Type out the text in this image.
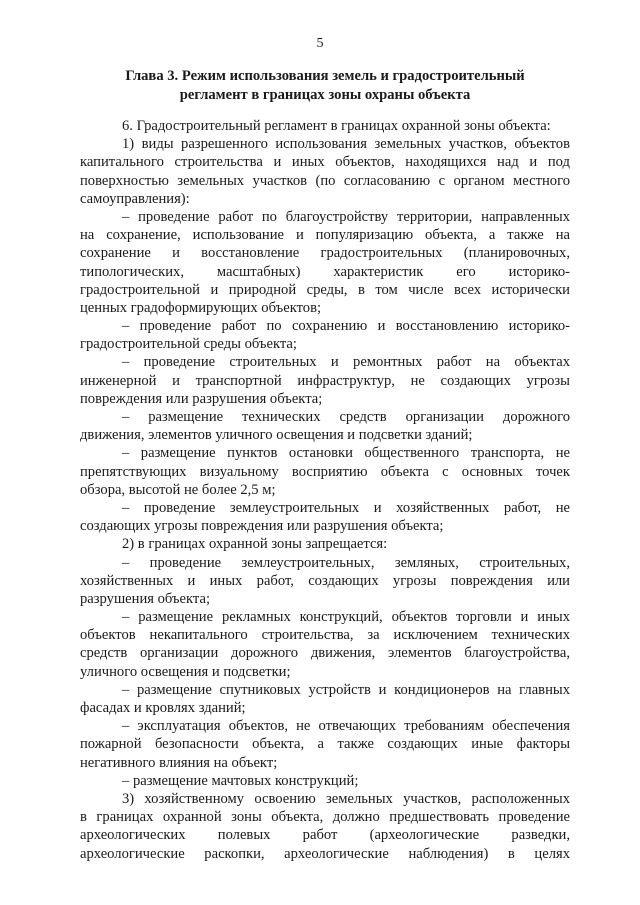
5
Глава 3. Режим использования земель и градостроительный
регламент в границах зоны охраны объекта
6. Градостроительный регламент в границах охранной зоны объекта:
1) виды разрешенного использования земельных участков, объектов
капитального строительства и иных объектов, находящихся над и под
поверхностью земельных участков (по согласованию с органом местного
самоуправления):
– проведение работ по благоустройству территории, направленных
на сохранение, использование и популяризацию объекта, а также на
сохранение и восстановление градостроительных (планировочных,
типологических, масштабных) характеристик его историко-
градостроительной и природной среды, в том числе всех исторически
ценных градоформирующих объектов;
– проведение работ по сохранению и восстановлению историко-
градостроительной среды объекта;
– проведение строительных и ремонтных работ на объектах
инженерной и транспортной инфраструктур, не создающих угрозы
повреждения или разрушения объекта;
– размещение технических средств организации дорожного
движения, элементов уличного освещения и подсветки зданий;
– размещение пунктов остановки общественного транспорта, не
препятствующих визуальному восприятию объекта с основных точек
обзора, высотой не более 2,5 м;
– проведение землеустроительных и хозяйственных работ, не
создающих угрозы повреждения или разрушения объекта;
2) в границах охранной зоны запрещается:
– проведение землеустроительных, земляных, строительных,
хозяйственных и иных работ, создающих угрозы повреждения или
разрушения объекта;
– размещение рекламных конструкций, объектов торговли и иных
объектов некапитального строительства, за исключением технических
средств организации дорожного движения, элементов благоустройства,
уличного освещения и подсветки;
– размещение спутниковых устройств и кондиционеров на главных
фасадах и кровлях зданий;
– эксплуатация объектов, не отвечающих требованиям обеспечения
пожарной безопасности объекта, а также создающих иные факторы
негативного влияния на объект;
– размещение мачтовых конструкций;
3) хозяйственному освоению земельных участков, расположенных
в границах охранной зоны объекта, должно предшествовать проведение
археологических полевых работ (археологические разведки,
археологические раскопки, археологические наблюдения) в целях
